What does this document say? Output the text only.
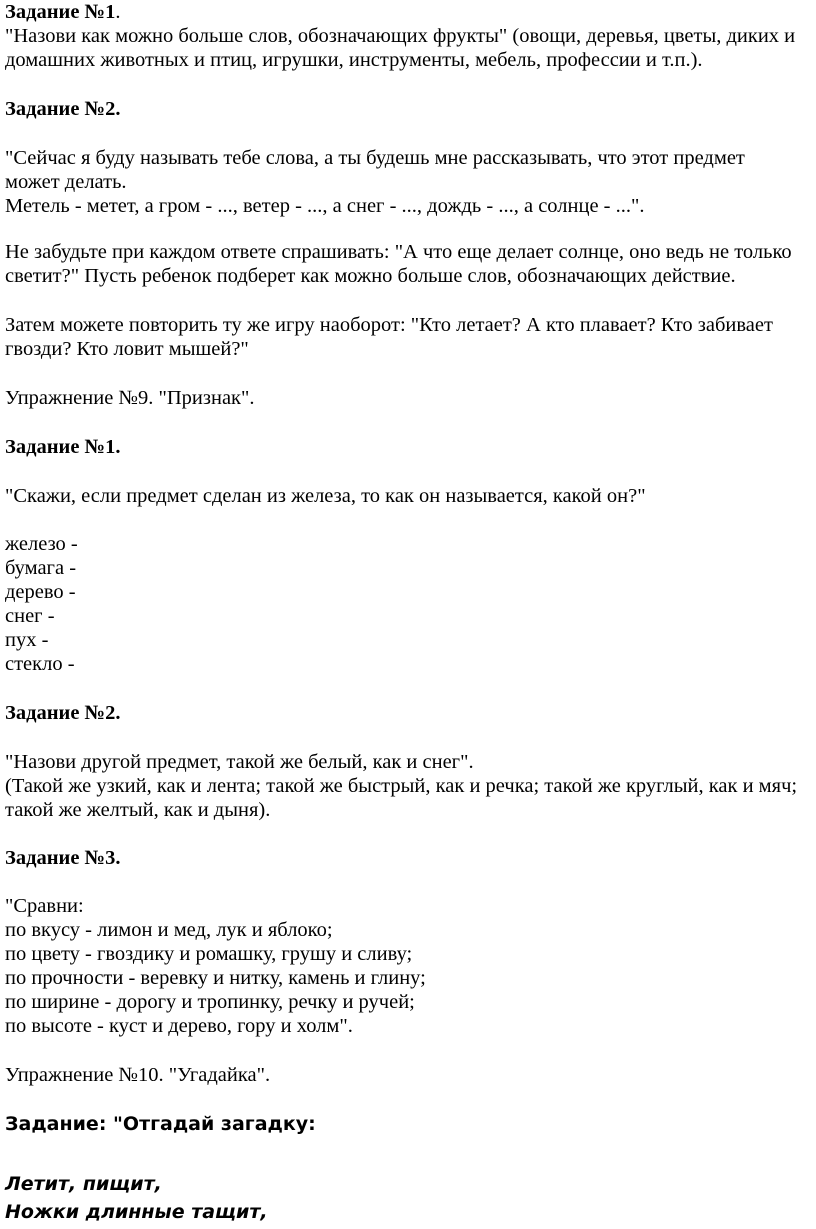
Задание №1.
"Назови как можно больше слов, обозначающих фрукты" (овощи, деревья, цветы, диких и
домашних животных и птиц, игрушки, инструменты, мебель, профессии и т.п.).
Задание №2.
"Сейчас я буду называть тебе слова, а ты будешь мне рассказывать, что этот предмет
может делать.
Метель - метет, а гром - ..., ветер - ..., а снег - ..., дождь - ..., а солнце - ...".
Не забудьте при каждом ответе спрашивать: "А что еще делает солнце, оно ведь не только
светит?" Пусть ребенок подберет как можно больше слов, обозначающих действие.
Затем можете повторить ту же игру наоборот: "Кто летает? А кто плавает? Кто забивает
гвозди? Кто ловит мышей?"
Упражнение №9. "Признак".
Задание №1.
"Скажи, если предмет сделан из железа, то как он называется, какой он?"
железо -
бумага -
дерево -
снег -
пух -
стекло -
Задание №2.
"Назови другой предмет, такой же белый, как и снег".
(Такой же узкий, как и лента; такой же быстрый, как и речка; такой же круглый, как и мяч;
такой же желтый, как и дыня).
Задание №3.
"Сравни:
по вкусу - лимон и мед, лук и яблоко;
по цвету - гвоздику и ромашку, грушу и сливу;
по прочности - веревку и нитку, камень и глину;
по ширине - дорогу и тропинку, речку и ручей;
по высоте - куст и дерево, гору и холм".
Упражнение №10. "Угадайка".
Задание: "Отгадай загадку:
Летит, пищит,
Ножки длинные тащит,
